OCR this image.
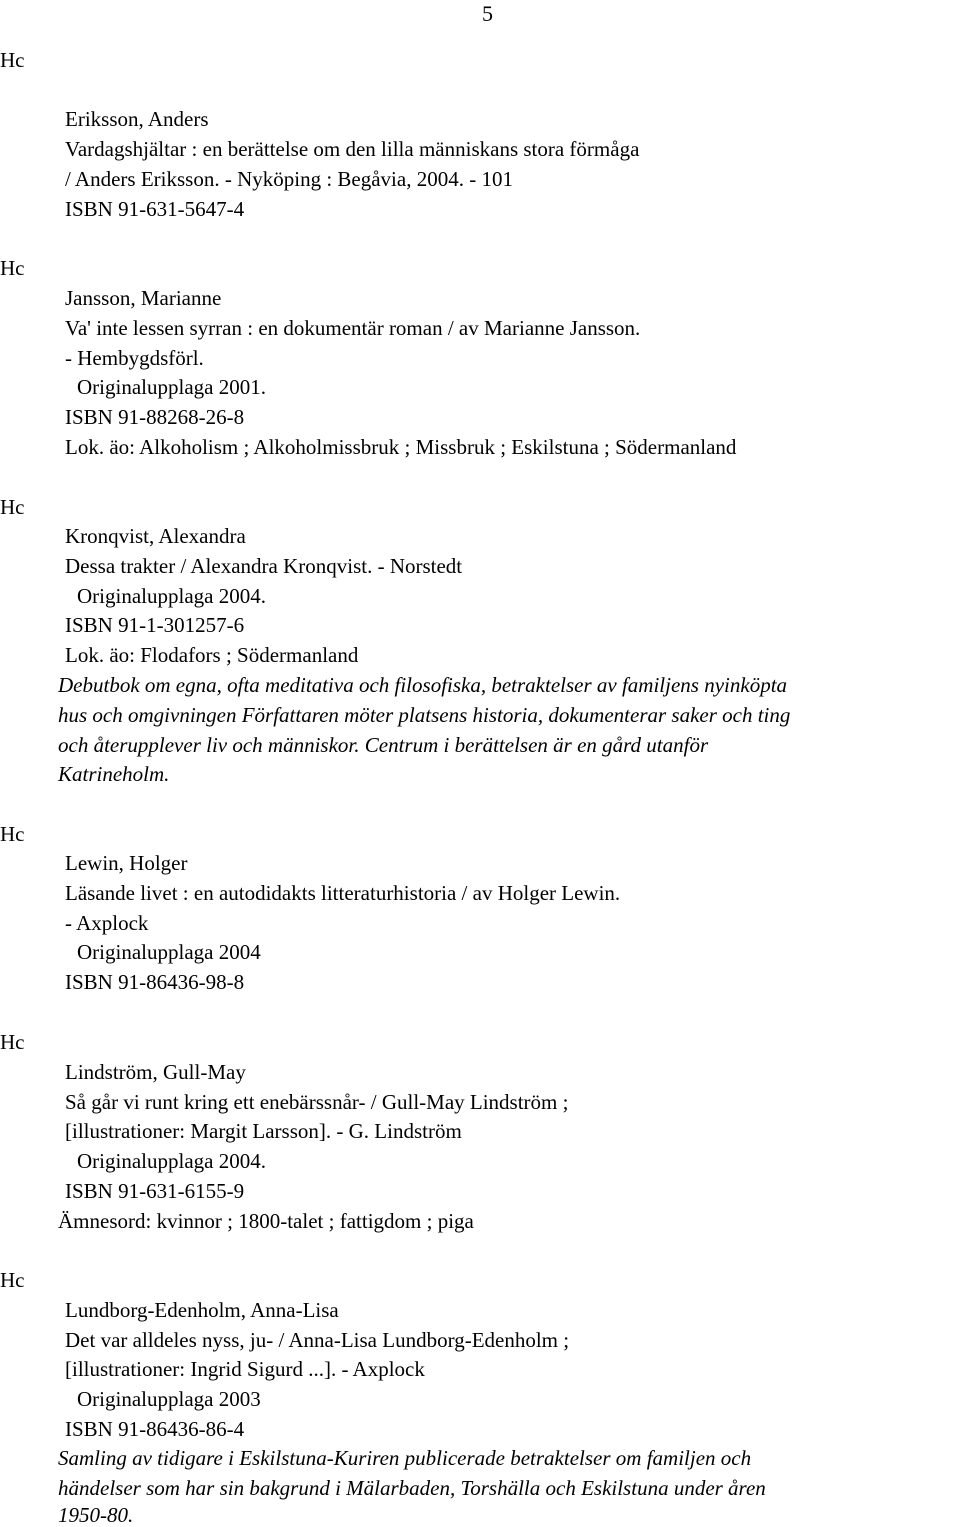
5
Hc
Eriksson, Anders
Vardagshjältar : en berättelse om den lilla människans stora förmåga
/ Anders Eriksson. - Nyköping : Begåvia, 2004. - 101
ISBN 91-631-5647-4
Hc
Jansson, Marianne
Va' inte lessen syrran : en dokumentär roman / av Marianne Jansson.
- Hembygdsförl.
Originalupplaga 2001.
ISBN 91-88268-26-8
Lok. äo: Alkoholism ; Alkoholmissbruk ; Missbruk ; Eskilstuna ; Södermanland
Hc
Kronqvist, Alexandra
Dessa trakter / Alexandra Kronqvist. - Norstedt
Originalupplaga 2004.
ISBN 91-1-301257-6
Lok. äo: Flodafors ; Södermanland
Debutbok om egna, ofta meditativa och filosofiska, betraktelser av familjens nyinköpta
hus och omgivningen Författaren möter platsens historia, dokumenterar saker och ting
och återupplever liv och människor. Centrum i berättelsen är en gård utanför
Katrineholm.
Hc
Lewin, Holger
Läsande livet : en autodidakts litteraturhistoria / av Holger Lewin.
- Axplock
Originalupplaga 2004
ISBN 91-86436-98-8
Hc
Lindström, Gull-May
Så går vi runt kring ett enebärssnår- / Gull-May Lindström ;
[illustrationer: Margit Larsson]. - G. Lindström
Originalupplaga 2004.
ISBN 91-631-6155-9
Ämnesord: kvinnor ; 1800-talet ; fattigdom ; piga
Hc
Lundborg-Edenholm, Anna-Lisa
Det var alldeles nyss, ju- / Anna-Lisa Lundborg-Edenholm ;
[illustrationer: Ingrid Sigurd ...]. - Axplock
Originalupplaga 2003
ISBN 91-86436-86-4
Samling av tidigare i Eskilstuna-Kuriren publicerade betraktelser om familjen och
händelser som har sin bakgrund i Mälarbaden, Torshälla och Eskilstuna under åren
1950-80.
